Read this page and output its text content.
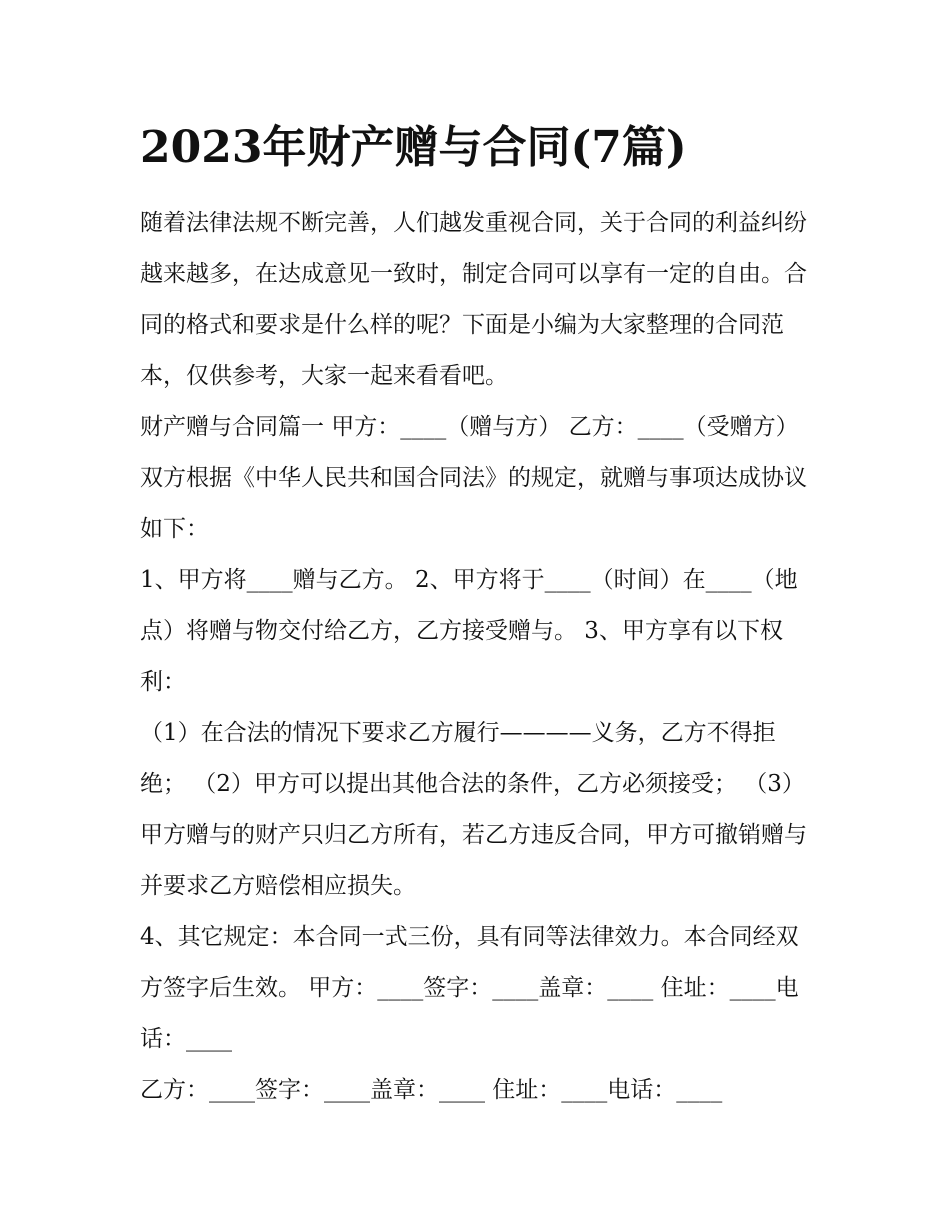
2023年财产赠与合同(7篇)

随着法律法规不断完善，人们越发重视合同，关于合同的利益纠纷越来越多，在达成意见一致时，制定合同可以享有一定的自由。合同的格式和要求是什么样的呢？下面是小编为大家整理的合同范本，仅供参考，大家一起来看看吧。

财产赠与合同篇一 甲方：____（赠与方） 乙方：____（受赠方） 双方根据《中华人民共和国合同法》的规定，就赠与事项达成协议如下：

1、甲方将____赠与乙方。 2、甲方将于____（时间）在____（地点）将赠与物交付给乙方，乙方接受赠与。 3、甲方享有以下权利：

（1）在合法的情况下要求乙方履行————义务，乙方不得拒绝； （2）甲方可以提出其他合法的条件，乙方必须接受； （3）甲方赠与的财产只归乙方所有，若乙方违反合同，甲方可撤销赠与并要求乙方赔偿相应损失。

4、其它规定：本合同一式三份，具有同等法律效力。本合同经双方签字后生效。 甲方：____签字：____盖章：____ 住址：____电话：____

乙方：____签字：____盖章：____ 住址：____电话：____
